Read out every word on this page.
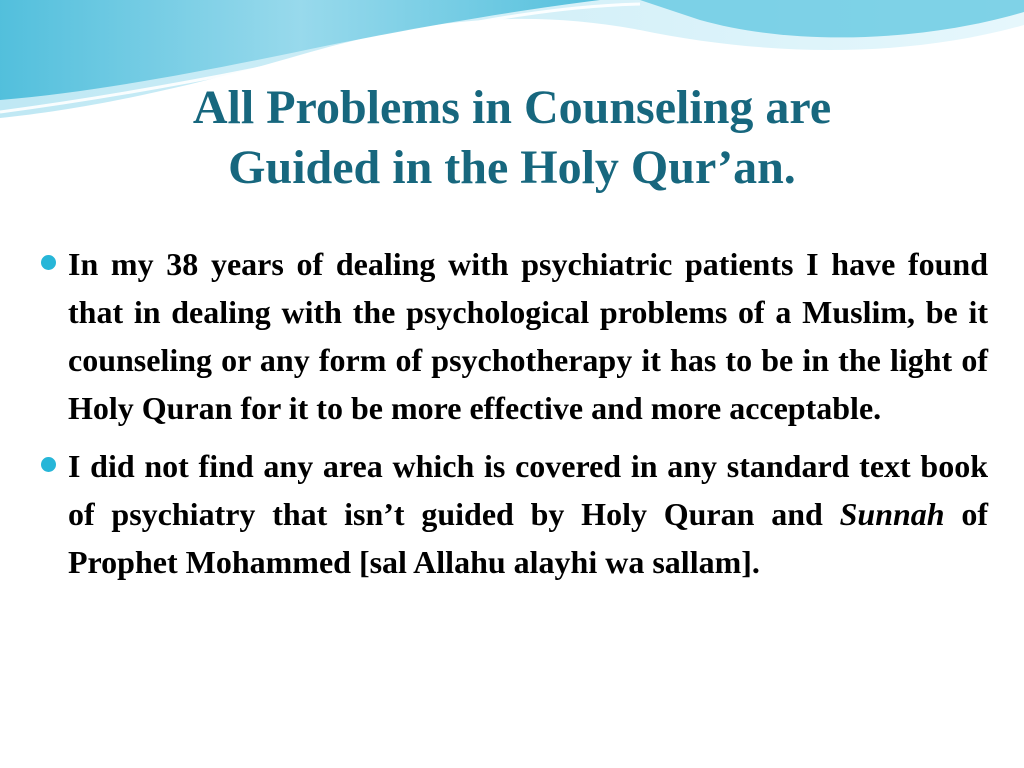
All Problems in Counseling are
Guided in the Holy Qur’an.
In my 38 years of dealing with psychiatric patients I have found that in dealing with the psychological problems of a Muslim, be it counseling or any form of psychotherapy it has to be in the light of Holy Quran for it to be more effective and more acceptable.
I did not find any area which is covered in any standard text book of psychiatry that isn’t guided by Holy Quran and Sunnah of Prophet Mohammed [sal Allahu alayhi wa sallam].
